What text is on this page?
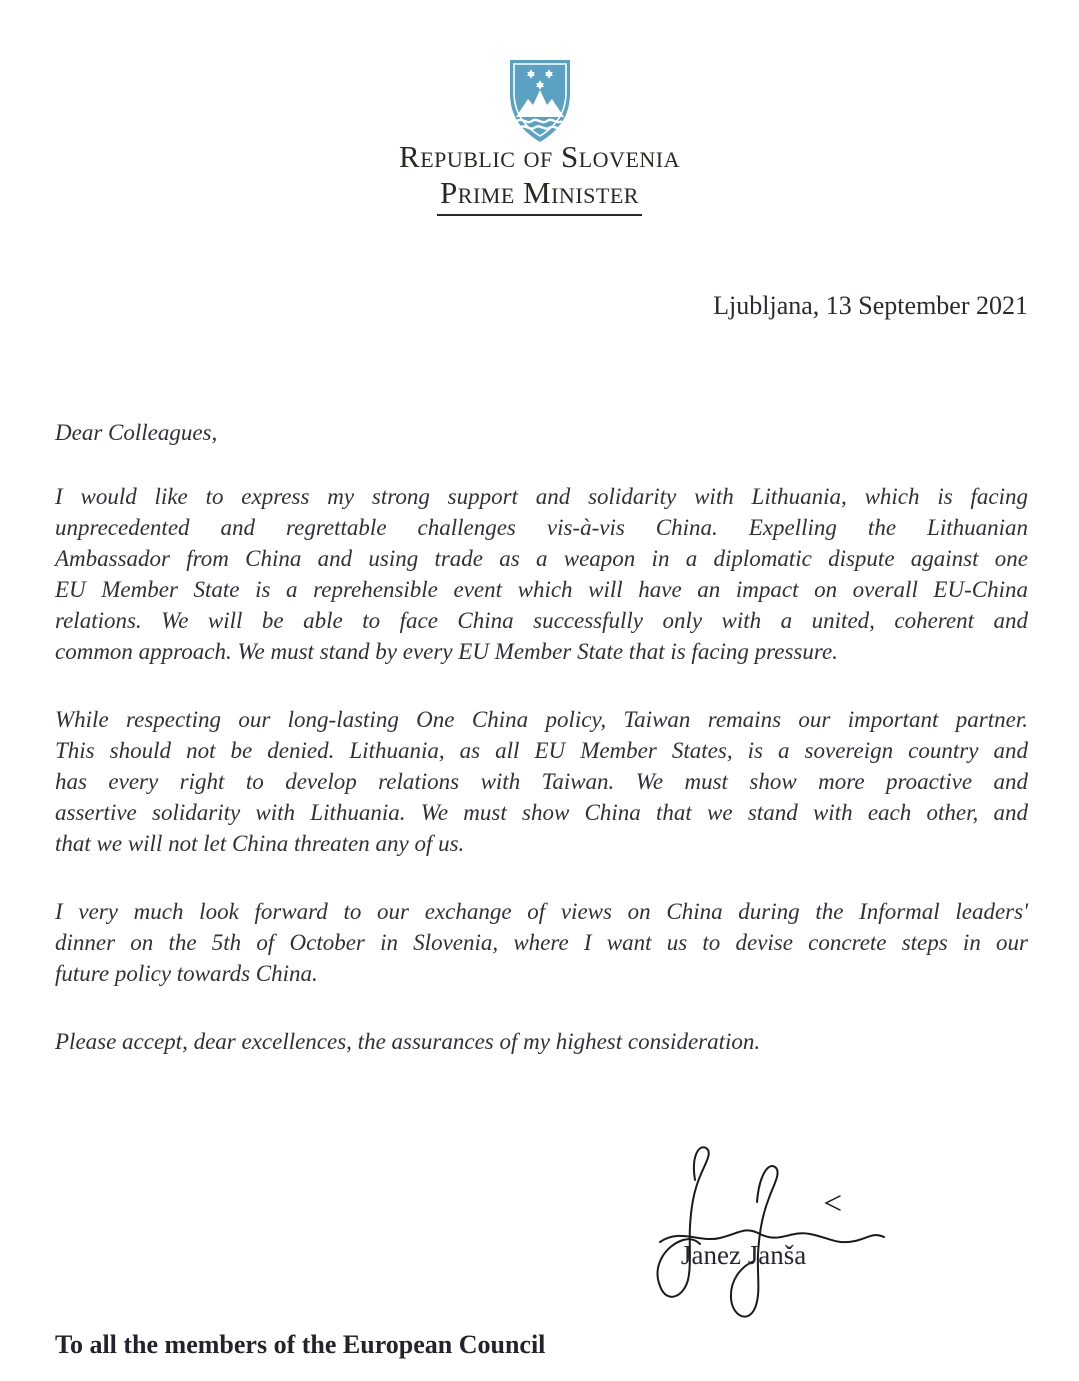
Republic of Slovenia
Prime Minister
Ljubljana, 13 September 2021
Dear Colleagues,
I would like to express my strong support and solidarity with Lithuania, which is facing
unprecedented and regrettable challenges vis-à-vis China. Expelling the Lithuanian
Ambassador from China and using trade as a weapon in a diplomatic dispute against one
EU Member State is a reprehensible event which will have an impact on overall EU-China
relations. We will be able to face China successfully only with a united, coherent and
common approach. We must stand by every EU Member State that is facing pressure.
While respecting our long-lasting One China policy, Taiwan remains our important partner.
This should not be denied. Lithuania, as all EU Member States, is a sovereign country and
has every right to develop relations with Taiwan. We must show more proactive and
assertive solidarity with Lithuania. We must show China that we stand with each other, and
that we will not let China threaten any of us.
I very much look forward to our exchange of views on China during the Informal leaders'
dinner on the 5th of October in Slovenia, where I want us to devise concrete steps in our
future policy towards China.
Please accept, dear excellences, the assurances of my highest consideration.
Janez Janša
To all the members of the European Council
